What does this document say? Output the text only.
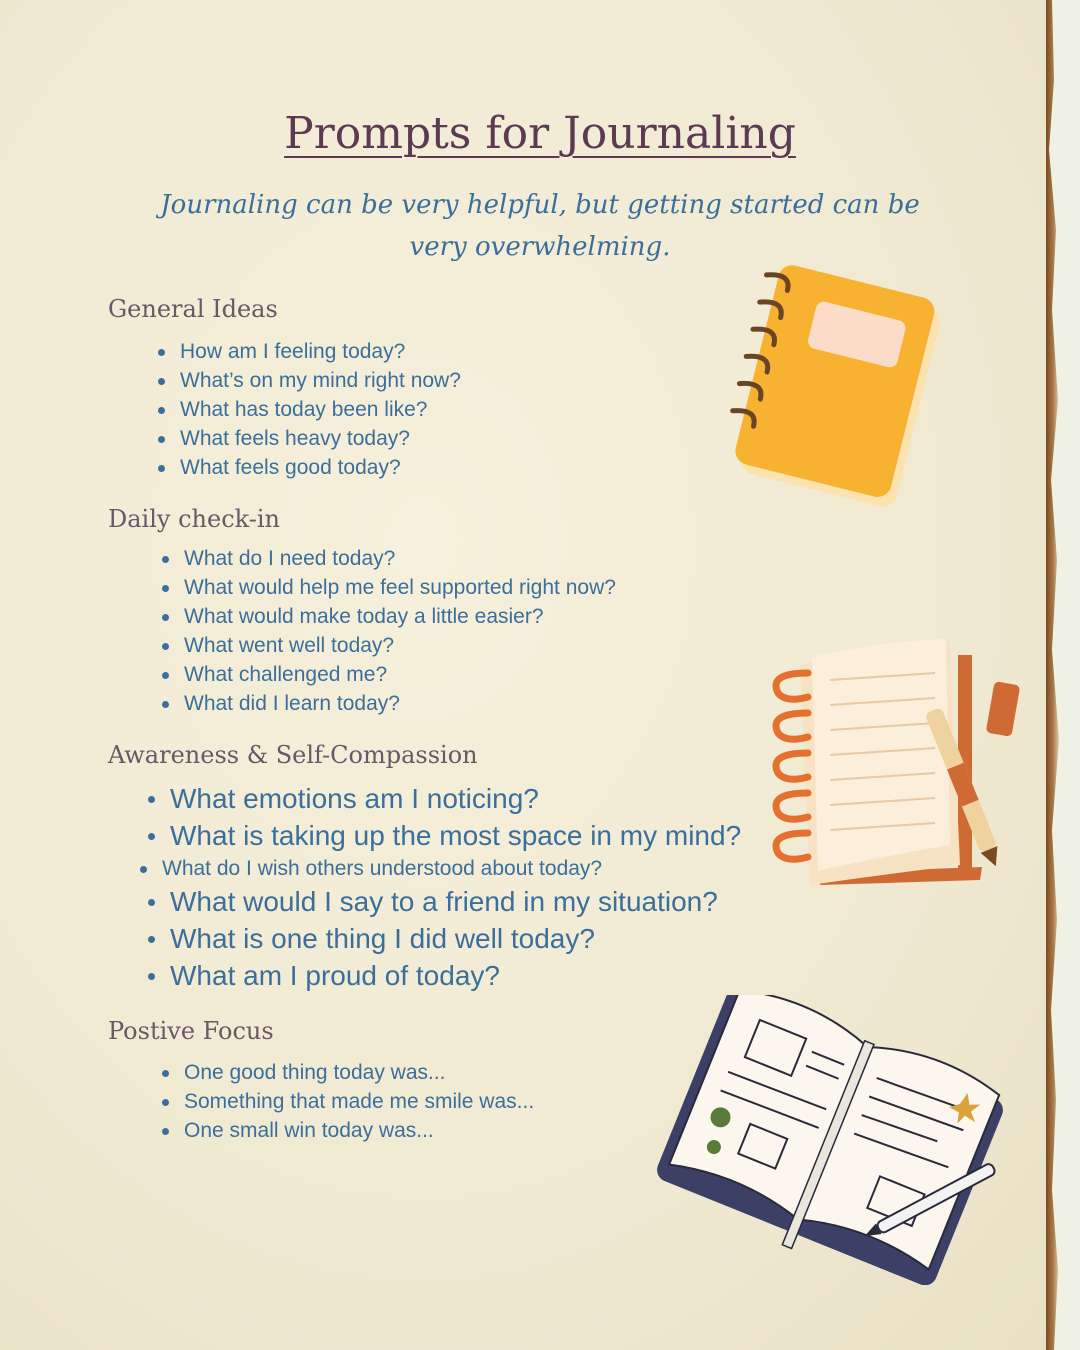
Prompts for Journaling
Journaling can be very helpful, but getting started can be very overwhelming.
General Ideas
How am I feeling today?
What’s on my mind right now?
What has today been like?
What feels heavy today?
What feels good today?
Daily check-in
What do I need today?
What would help me feel supported right now?
What would make today a little easier?
What went well today?
What challenged me?
What did I learn today?
Awareness & Self-Compassion
What emotions am I noticing?
What is taking up the most space in my mind?
What do I wish others understood about today?
What would I say to a friend in my situation?
What is one thing I did well today?
What am I proud of today?
Postive Focus
One good thing today was...
Something that made me smile was...
One small win today was...
